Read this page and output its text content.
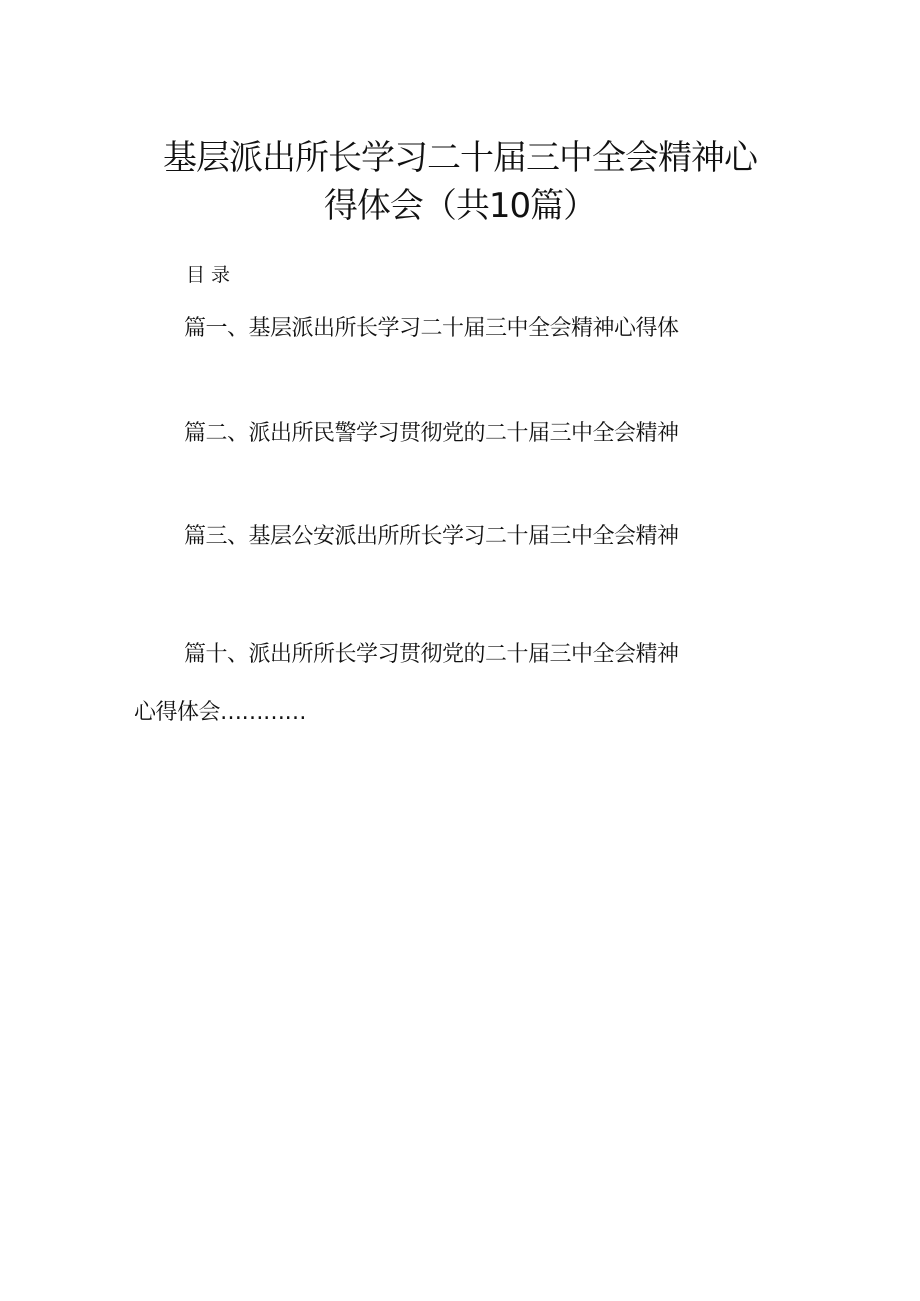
基层派出所长学习二十届三中全会精神心
得体会（共10篇）
目录
篇一、基层派出所长学习二十届三中全会精神心得体
篇二、派出所民警学习贯彻党的二十届三中全会精神
篇三、基层公安派出所所长学习二十届三中全会精神
篇十、派出所所长学习贯彻党的二十届三中全会精神
心得体会…………
